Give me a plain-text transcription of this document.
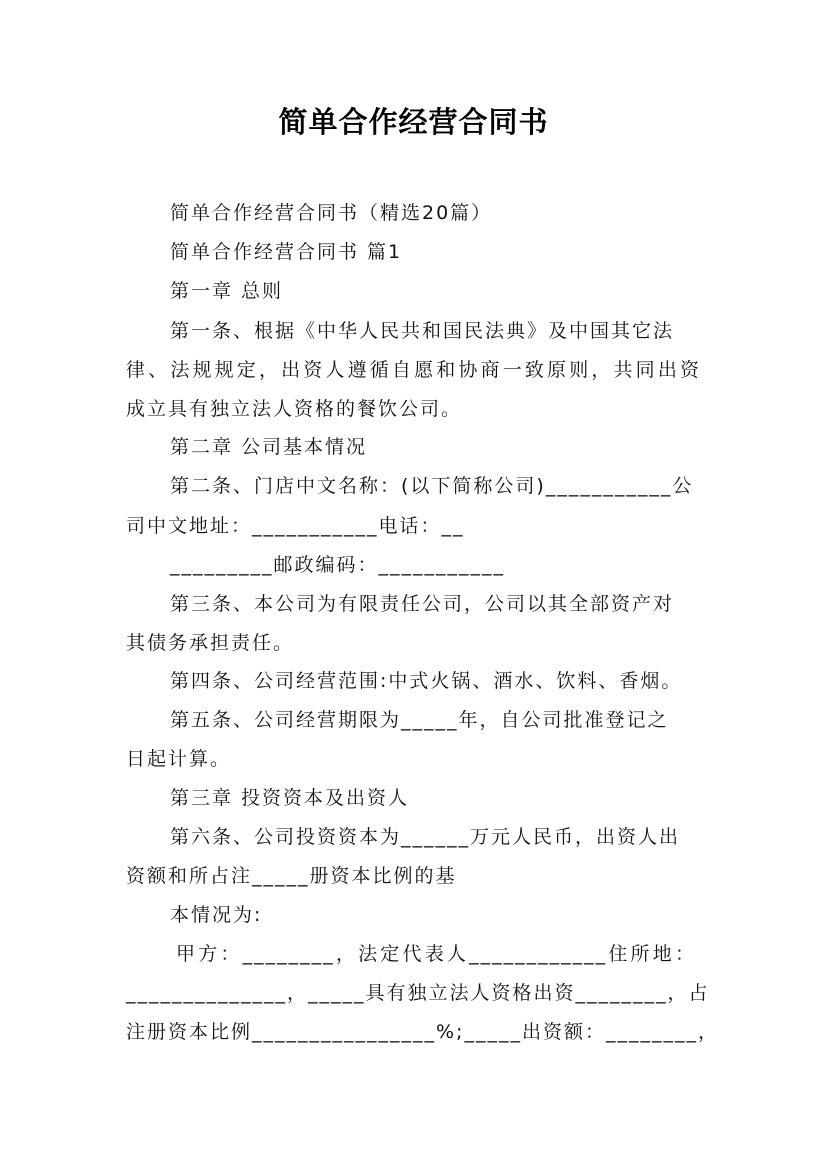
简单合作经营合同书
简单合作经营合同书（精选20篇）
简单合作经营合同书 篇1
第一章 总则
第一条、根据《中华人民共和国民法典》及中国其它法
律、法规规定，出资人遵循自愿和协商一致原则，共同出资
成立具有独立法人资格的餐饮公司。
第二章 公司基本情况
第二条、门店中文名称：(以下简称公司)___________公
司中文地址：___________电话：__
_________邮政编码：___________
第三条、本公司为有限责任公司，公司以其全部资产对
其债务承担责任。
第四条、公司经营范围:中式火锅、酒水、饮料、香烟。
第五条、公司经营期限为_____年，自公司批准登记之
日起计算。
第三章 投资资本及出资人
第六条、公司投资资本为______万元人民币，出资人出
资额和所占注_____册资本比例的基
本情况为:
甲方：________，法定代表人____________住所地：
______________，_____具有独立法人资格出资________，占
注册资本比例________________%;_____出资额：________，
